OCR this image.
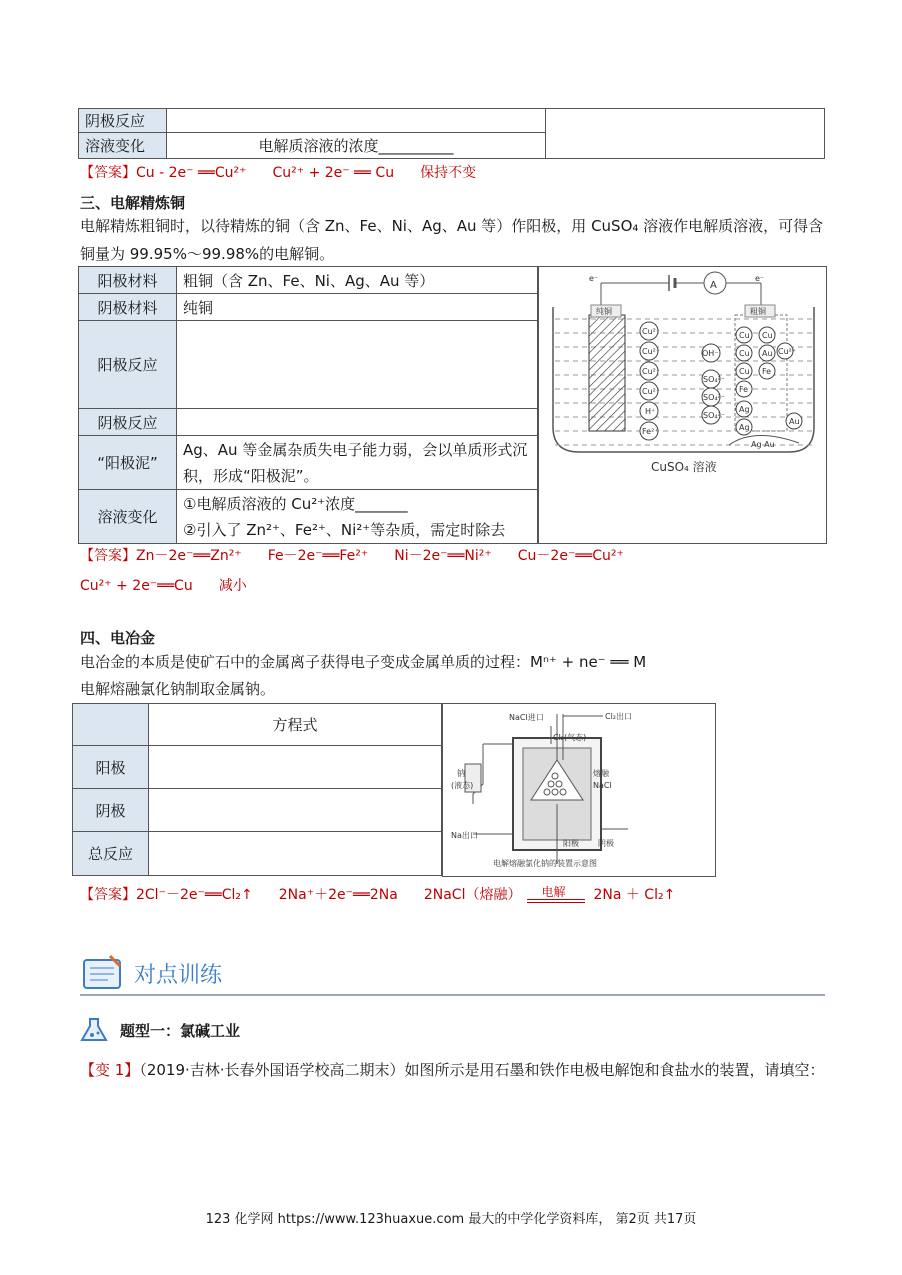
阴极反应		
溶液变化	电解质溶液的浓度__________	
【答案】Cu - 2e⁻ ══Cu²⁺ Cu²⁺ + 2e⁻ ══ Cu 保持不变
三、电解精炼铜
电解精炼粗铜时，以待精炼的铜（含 Zn、Fe、Ni、Ag、Au 等）作阳极，用 CuSO₄ 溶液作电解质溶液，可得含铜量为 99.95%～99.98%的电解铜。
阳极材料	粗铜（含 Zn、Fe、Ni、Ag、Au 等）
阴极材料	纯铜
阳极反应	
阴极反应	
“阳极泥”	Ag、Au 等金属杂质失电子能力弱，会以单质形式沉积，形成“阳极泥”。
溶液变化	①电解质溶液的 Cu²⁺浓度_______
②引入了 Zn²⁺、Fe²⁺、Ni²⁺等杂质，需定时除去
A
e⁻	e⁻
纯铜	粗铜
Cu²⁺
Cu²⁺
Cu²⁺
Cu²⁺
H⁺
Fe²⁺
OH⁻
SO₄²⁻
SO₄²⁻
SO₄²⁻
Cu
Cu
Cu
Fe
Ag
Ag
Cu
Au
Fe
Cu²⁺
Au
Ag Au
CuSO₄ 溶液
【答案】Zn－2e⁻══Zn²⁺ Fe－2e⁻══Fe²⁺ Ni－2e⁻══Ni²⁺ Cu－2e⁻══Cu²⁺
Cu²⁺ + 2e⁻══Cu 减小
四、电冶金
电冶金的本质是使矿石中的金属离子获得电子变成金属单质的过程：Mⁿ⁺ + ne⁻ ══ M
电解熔融氯化钠制取金属钠。
	方程式
阳极	
阴极	
总反应	
NaCl进口	Cl₂出口
Cl₂(气态)
钠
(液态)
熔融
NaCl
Na出口
阳极 阴极
电解熔融氯化钠的装置示意图
【答案】2Cl⁻－2e⁻══Cl₂↑ 2Na⁺＋2e⁻══2Na 2NaCl（熔融） 电解 2Na ＋ Cl₂↑
对点训练
题型一：氯碱工业
【变 1】（2019·吉林·长春外国语学校高二期末）如图所示是用石墨和铁作电极电解饱和食盐水的装置，请填空：
123 化学网 https://www.123huaxue.com 最大的中学化学资料库， 第2页 共17页
